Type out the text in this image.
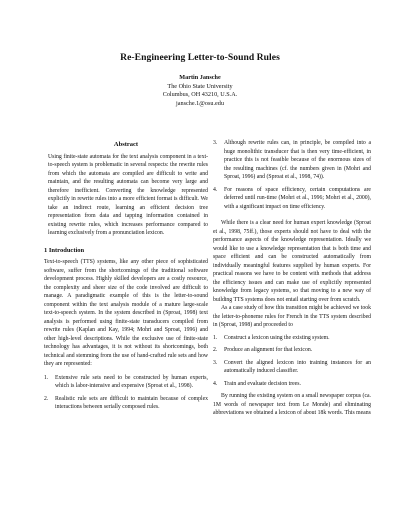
Re-Engineering Letter-to-Sound Rules
Martin Jansche
The Ohio State University
Columbus, OH 43210, U.S.A.
jansche.1@osu.edu
Abstract

Using finite-state automata for the text analysis component in a text-to-speech system is problematic in several respects: the rewrite rules from which the automata are compiled are difficult to write and maintain, and the resulting automata can become very large and therefore inefficient. Converting the knowledge represented explicitly in rewrite rules into a more efficient format is difficult. We take an indirect route, learning an efficient decision tree representation from data and tapping information contained in existing rewrite rules, which increases performance compared to learning exclusively from a pronunciation lexicon.

1 Introduction

Text-to-speech (TTS) systems, like any other piece of sophisticated software, suffer from the shortcomings of the traditional software development process. Highly skilled developers are a costly resource, the complexity and sheer size of the code involved are difficult to manage. A paradigmatic example of this is the letter-to-sound component within the text analysis module of a mature large-scale text-to-speech system. In the system described in (Sproat, 1998) text analysis is performed using finite-state transducers compiled from rewrite rules (Kaplan and Kay, 1994; Mohri and Sproat, 1996) and other high-level descriptions. While the exclusive use of finite-state technology has advantages, it is not without its shortcomings, both technical and stemming from the use of hand-crafted rule sets and how they are represented:

1. Extensive rule sets need to be constructed by human experts, which is labor-intensive and expensive (Sproat et al., 1998).
2. Realistic rule sets are difficult to maintain because of complex interactions between serially composed rules.
3. Although rewrite rules can, in principle, be compiled into a huge monolithic transducer that is then very time-efficient, in practice this is not feasible because of the enormous sizes of the resulting machines (cf. the numbers given in (Mohri and Sproat, 1996) and (Sproat et al., 1998, 74)).
4. For reasons of space efficiency, certain computations are deferred until run-time (Mohri et al., 1996; Mohri et al., 2000), with a significant impact on time efficiency.

While there is a clear need for human expert knowledge (Sproat et al., 1998, 75ff.), those experts should not have to deal with the performance aspects of the knowledge representation. Ideally we would like to use a knowledge representation that is both time and space efficient and can be constructed automatically from individually meaningful features supplied by human experts. For practical reasons we have to be content with methods that address the efficiency issues and can make use of explicitly represented knowledge from legacy systems, so that moving to a new way of building TTS systems does not entail starting over from scratch.

As a case study of how this transition might be achieved we took the letter-to-phoneme rules for French in the TTS system described in (Sproat, 1998) and proceeded to

1. Construct a lexicon using the existing system.
2. Produce an alignment for that lexicon.
3. Convert the aligned lexicon into training instances for an automatically induced classifier.
4. Train and evaluate decision trees.

By running the existing system on a small newspaper corpus (ca. 1M words of newspaper text from Le Monde) and eliminating abbreviations we obtained a lexicon of about 18k words. This means
